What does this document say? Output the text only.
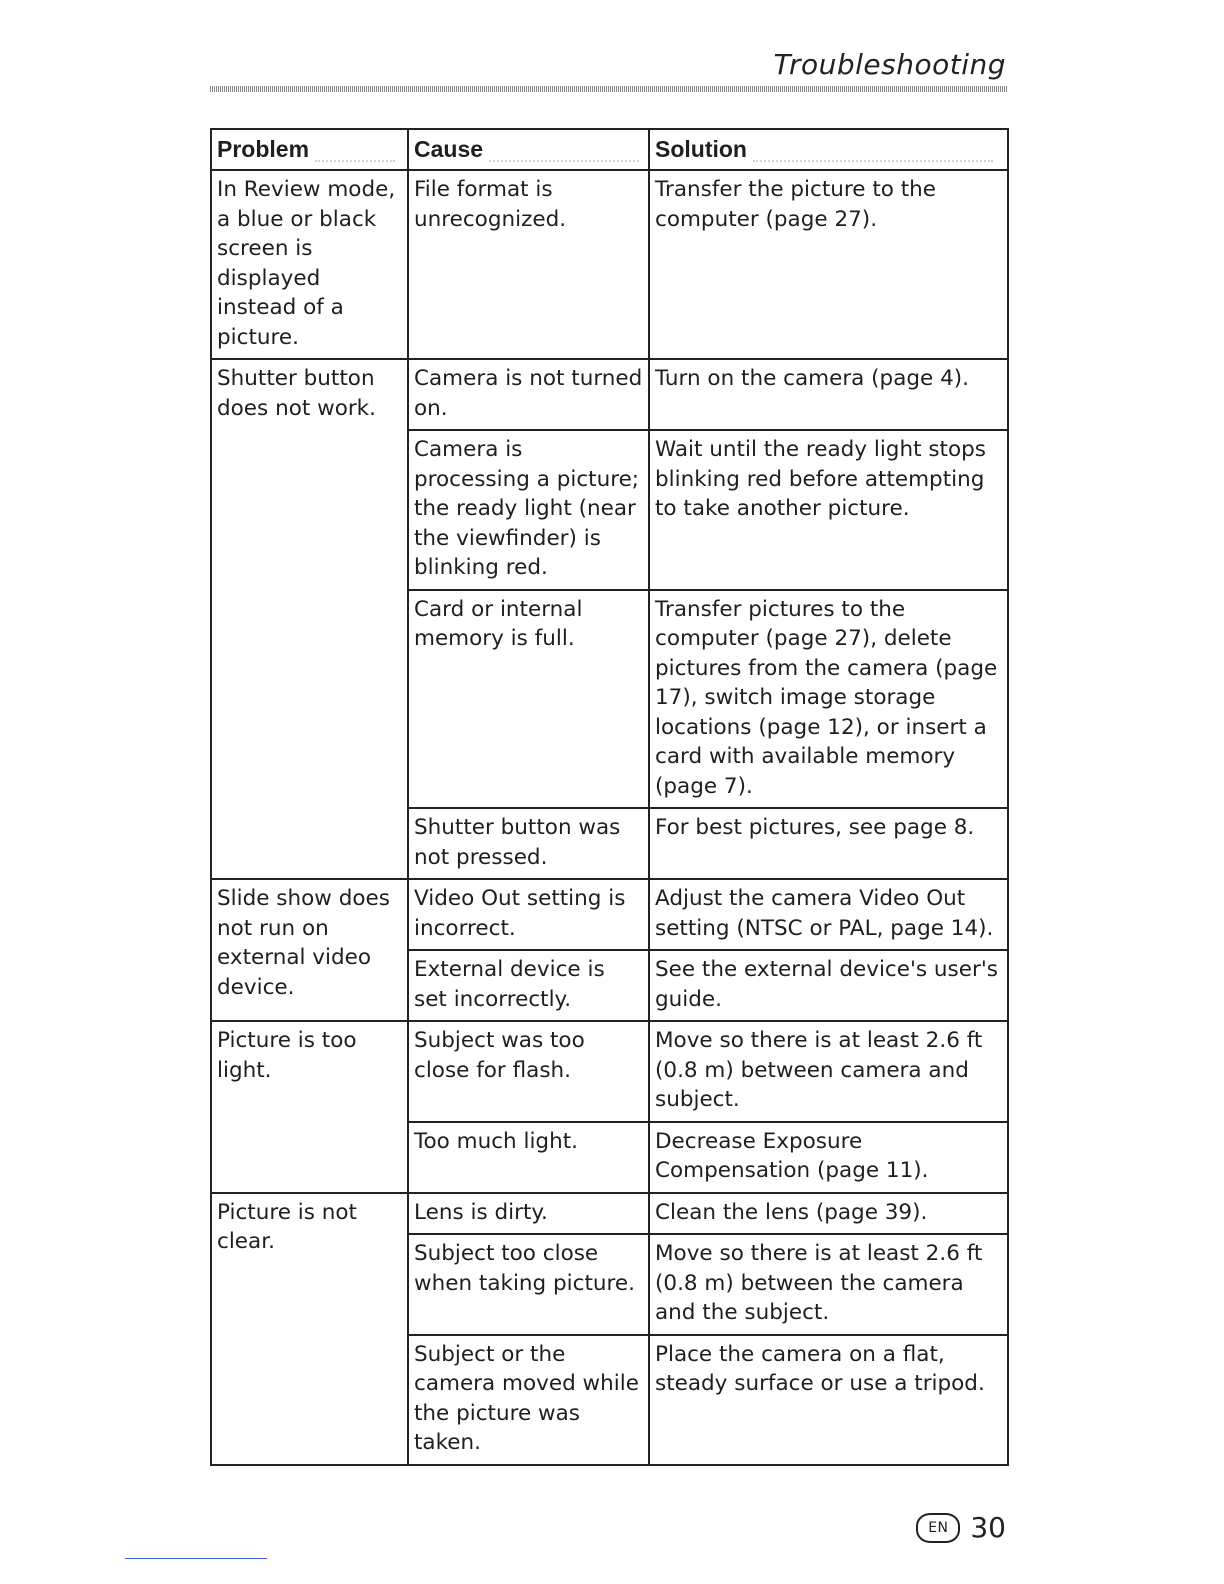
Troubleshooting
Problem	Cause	Solution
In Review mode, a blue or black screen is displayed instead of a picture.	File format is unrecognized.	Transfer the picture to the computer (page 27).
Shutter button does not work.	Camera is not turned on.	Turn on the camera (page 4).
	Camera is processing a picture; the ready light (near the viewfinder) is blinking red.	Wait until the ready light stops blinking red before attempting to take another picture.
	Card or internal memory is full.	Transfer pictures to the computer (page 27), delete pictures from the camera (page 17), switch image storage locations (page 12), or insert a card with available memory (page 7).
	Shutter button was not pressed.	For best pictures, see page 8.
Slide show does not run on external video device.	Video Out setting is incorrect.	Adjust the camera Video Out setting (NTSC or PAL, page 14).
	External device is set incorrectly.	See the external device's user's guide.
Picture is too light.	Subject was too close for flash.	Move so there is at least 2.6 ft (0.8 m) between camera and subject.
	Too much light.	Decrease Exposure Compensation (page 11).
Picture is not clear.	Lens is dirty.	Clean the lens (page 39).
	Subject too close when taking picture.	Move so there is at least 2.6 ft (0.8 m) between the camera and the subject.
	Subject or the camera moved while the picture was taken.	Place the camera on a flat, steady surface or use a tripod.
EN 30
